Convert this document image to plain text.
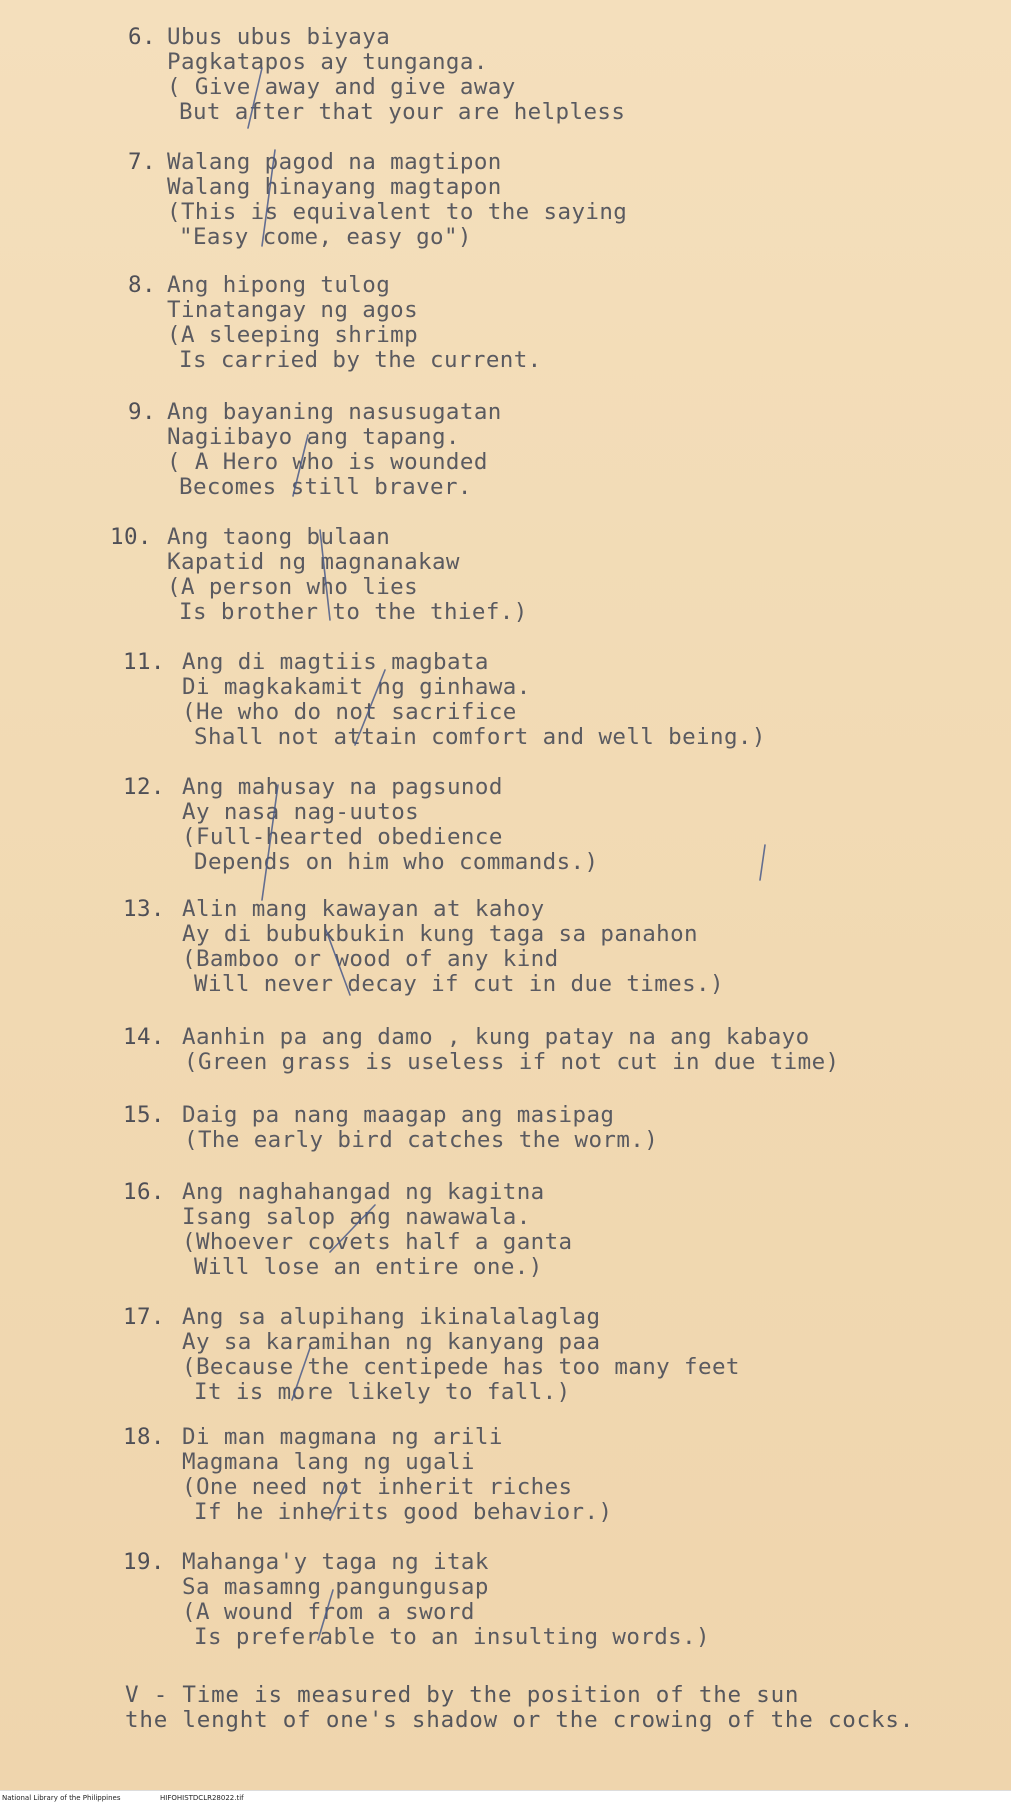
6. Ubus ubus biyaya
Pagkatapos ay tunganga.
( Give away and give away
But after that your are helpless
7. Walang pagod na magtipon
Walang hinayang magtapon
(This is equivalent to the saying
"Easy come, easy go")
8. Ang hipong tulog
Tinatangay ng agos
(A sleeping shrimp
Is carried by the current.
9. Ang bayaning nasusugatan
Nagiibayo ang tapang.
( A Hero who is wounded
Becomes still braver.
10. Ang taong bulaan
Kapatid ng magnanakaw
(A person who lies
Is brother to the thief.)
11. Ang di magtiis magbata
Di magkakamit ng ginhawa.
(He who do not sacrifice
Shall not attain comfort and well being.)
12. Ang mahusay na pagsunod
Ay nasa nag-uutos
(Full-hearted obedience
Depends on him who commands.)
13. Alin mang kawayan at kahoy
Ay di bubukbukin kung taga sa panahon
(Bamboo or wood of any kind
Will never decay if cut in due times.)
14. Aanhin pa ang damo , kung patay na ang kabayo
(Green grass is useless if not cut in due time)
15. Daig pa nang maagap ang masipag
(The early bird catches the worm.)
16. Ang naghahangad ng kagitna
Isang salop ang nawawala.
(Whoever covets half a ganta
Will lose an entire one.)
17. Ang sa alupihang ikinalalaglag
Ay sa karamihan ng kanyang paa
(Because the centipede has too many feet
It is more likely to fall.)
18. Di man magmana ng arili
Magmana lang ng ugali
(One need not inherit riches
If he inherits good behavior.)
19. Mahanga'y taga ng itak
Sa masamng pangungusap
(A wound from a sword
Is preferable to an insulting words.)
V - Time is measured by the position of the sun
the lenght of one's shadow or the crowing of the cocks.
National Library of the Philippines	HIFOHISTDCLR28022.tif
